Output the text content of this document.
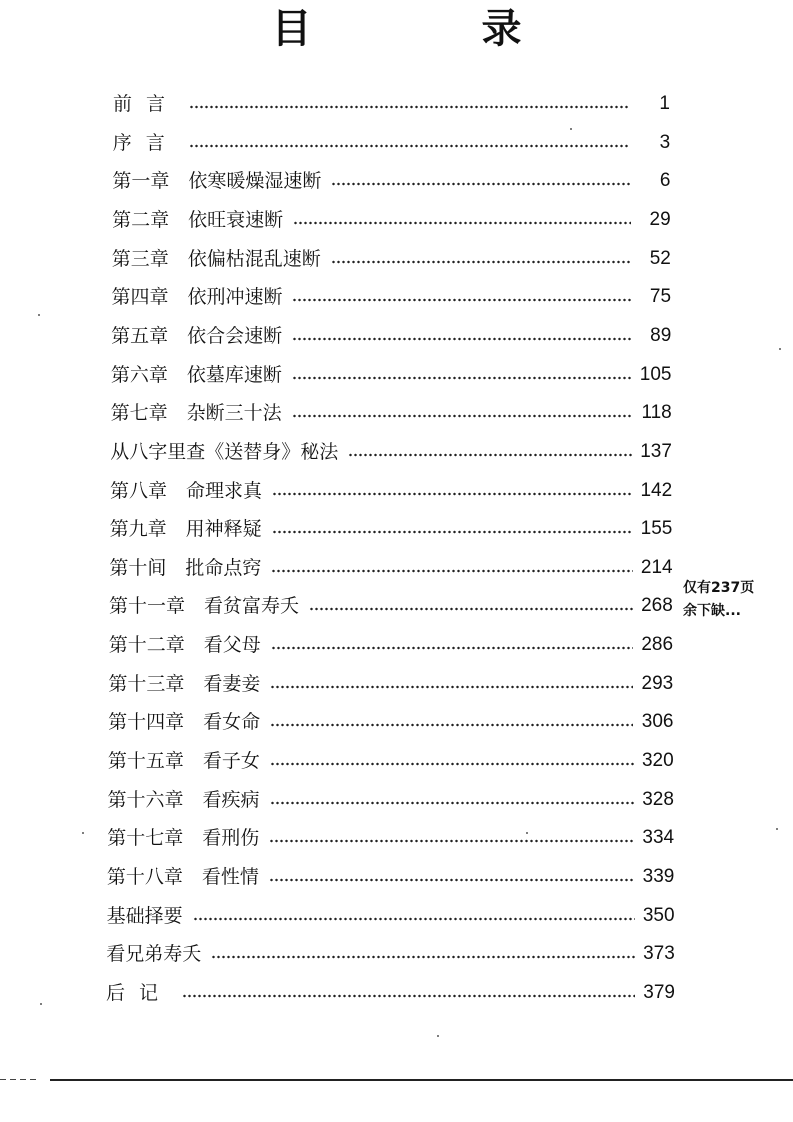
目 录
前言	1
序言	3
第一章　依寒暖燥湿速断	6
第二章　依旺衰速断	29
第三章　依偏枯混乱速断	52
第四章　依刑冲速断	75
第五章　依合会速断	89
第六章　依墓库速断	105
第七章　杂断三十法	118
从八字里查《送替身》秘法	137
第八章　命理求真	142
第九章　用神释疑	155
第十间　批命点窍	214
第十一章　看贫富寿夭	268
第十二章　看父母	286
第十三章　看妻妾	293
第十四章　看女命	306
第十五章　看子女	320
第十六章　看疾病	328
第十七章　看刑伤	334
第十八章　看性情	339
基础择要	350
看兄弟寿夭	373
后记	379
仅有237页
余下缺...
